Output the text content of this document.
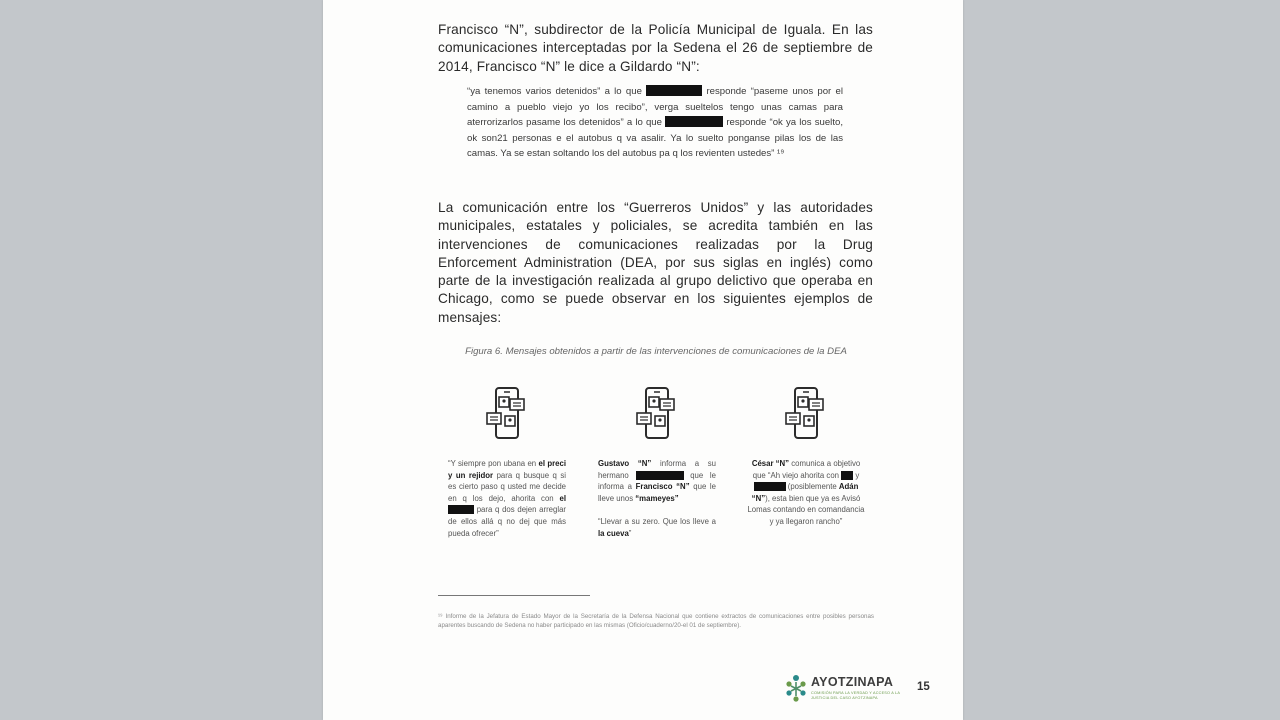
Francisco “N”, subdirector de la Policía Municipal de Iguala. En las comunicaciones interceptadas por la Sedena el 26 de septiembre de 2014, Francisco “N” le dice a Gildardo “N”:
“ya tenemos varios detenidos” a lo que	responde “paseme unos por el camino a pueblo viejo yo los recibo”, verga sueltelos tengo unas camas para aterrorizarlos pasame los detenidos” a lo que	responde “ok ya los suelto, ok son21 personas e el autobus q va asalir. Ya lo suelto ponganse pilas los de las camas. Ya se estan soltando los del autobus pa q los revienten ustedes” ¹⁹
La comunicación entre los “Guerreros Unidos” y las autoridades municipales, estatales y policiales, se acredita también en las intervenciones de comunicaciones realizadas por la Drug Enforcement Administration (DEA, por sus siglas en inglés) como parte de la investigación realizada al grupo delictivo que operaba en Chicago, como se puede observar en los siguientes ejemplos de mensajes:
Figura 6. Mensajes obtenidos a partir de las intervenciones de comunicaciones de la DEA
“Y siempre pon ubana en el preci y un rejidor para q busque q si es cierto paso q usted me decide en q los dejo, ahorita con el  para q dos dejen arreglar de ellos allá q no dej que más pueda ofrecer”
Gustavo “N” informa a su hermano	que le informa a Francisco “N” que le lleve unos “mameyes”

“Llevar a su zero. Que los lleve a la cueva”
César “N” comunica a objetivo que “Ah viejo ahorita con y  (posiblemente Adán “N”), esta bien que ya es Avisó Lomas contando en comandancia y ya llegaron rancho”
¹⁹ Informe de la Jefatura de Estado Mayor de la Secretaría de la Defensa Nacional que contiene extractos de comunicaciones entre posibles personas aparentes buscando de Sedena no haber participado en las mismas (Oficio/cuaderno/20-el 01 de septiembre).
AYOTZINAPA
COMISIÓN PARA LA VERDAD Y ACCESO A LA JUSTICIA DEL CASO AYOTZINAPA
15
